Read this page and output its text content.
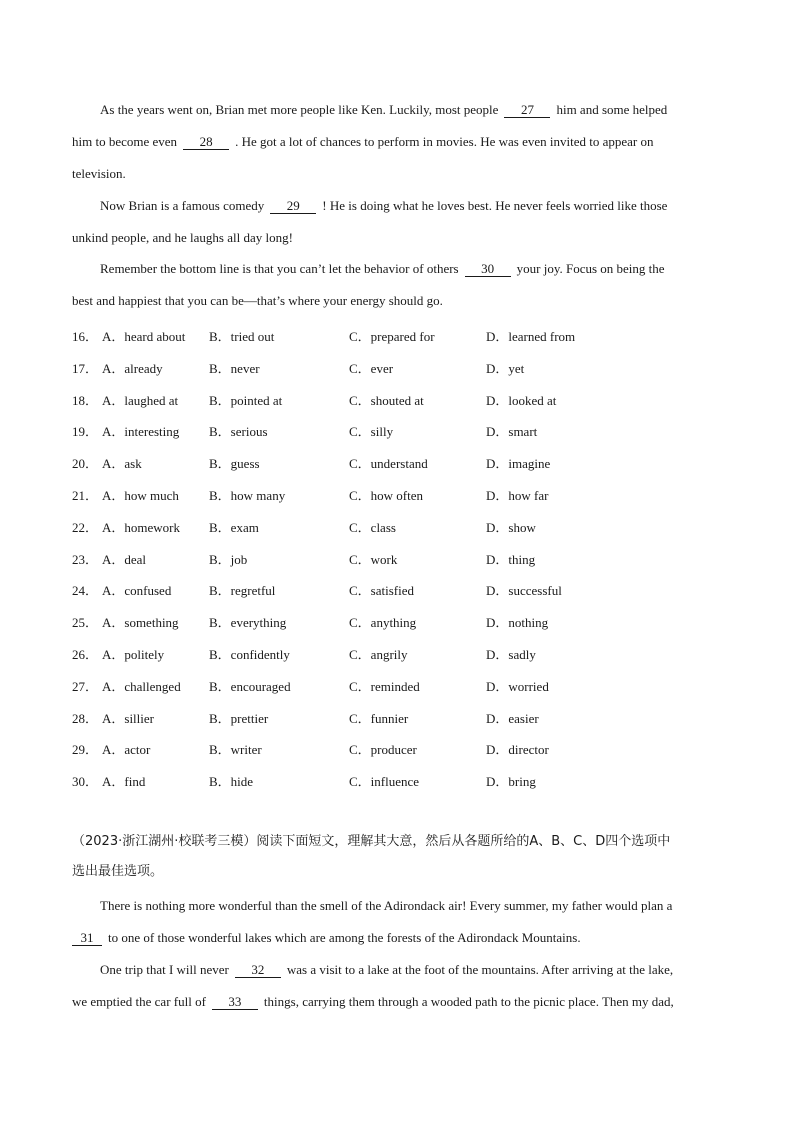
As the years went on, Brian met more people like Ken. Luckily, most people 27 him and some helped
him to become even 28 . He got a lot of chances to perform in movies. He was even invited to appear on
television.
Now Brian is a famous comedy 29 ! He is doing what he loves best. He never feels worried like those
unkind people, and he laughs all day long!
Remember the bottom line is that you can’t let the behavior of others 30 your joy. Focus on being the
best and happiest that you can be—that’s where your energy should go.
16． A．heard about B．tried out	C．prepared for	D．learned from
17． A．already	B．never	C．ever	D．yet
18． A．laughed at B．pointed at	C．shouted at	D．looked at
19． A．interesting B．serious	C．silly	D．smart
20． A．ask	B．guess	C．understand	D．imagine
21． A．how much B．how many	C．how often	D．how far
22． A．homework B．exam	C．class	D．show
23． A．deal	B．job	C．work	D．thing
24． A．confused	B．regretful	C．satisfied	D．successful
25． A．something B．everything	C．anything	D．nothing
26． A．politely	B．confidently	C．angrily	D．sadly
27． A．challenged B．encouraged	C．reminded	D．worried
28． A．sillier	B．prettier	C．funnier	D．easier
29． A．actor	B．writer	C．producer	D．director
30． A．find	B．hide	C．influence	D．bring
（2023·浙江湖州·校联考三模）阅读下面短文，理解其大意，然后从各题所给的A、B、C、D四个选项中
选出最佳选项。
There is nothing more wonderful than the smell of the Adirondack air! Every summer, my father would plan a
31 to one of those wonderful lakes which are among the forests of the Adirondack Mountains.
One trip that I will never 32 was a visit to a lake at the foot of the mountains. After arriving at the lake,
we emptied the car full of 33 things, carrying them through a wooded path to the picnic place. Then my dad,
